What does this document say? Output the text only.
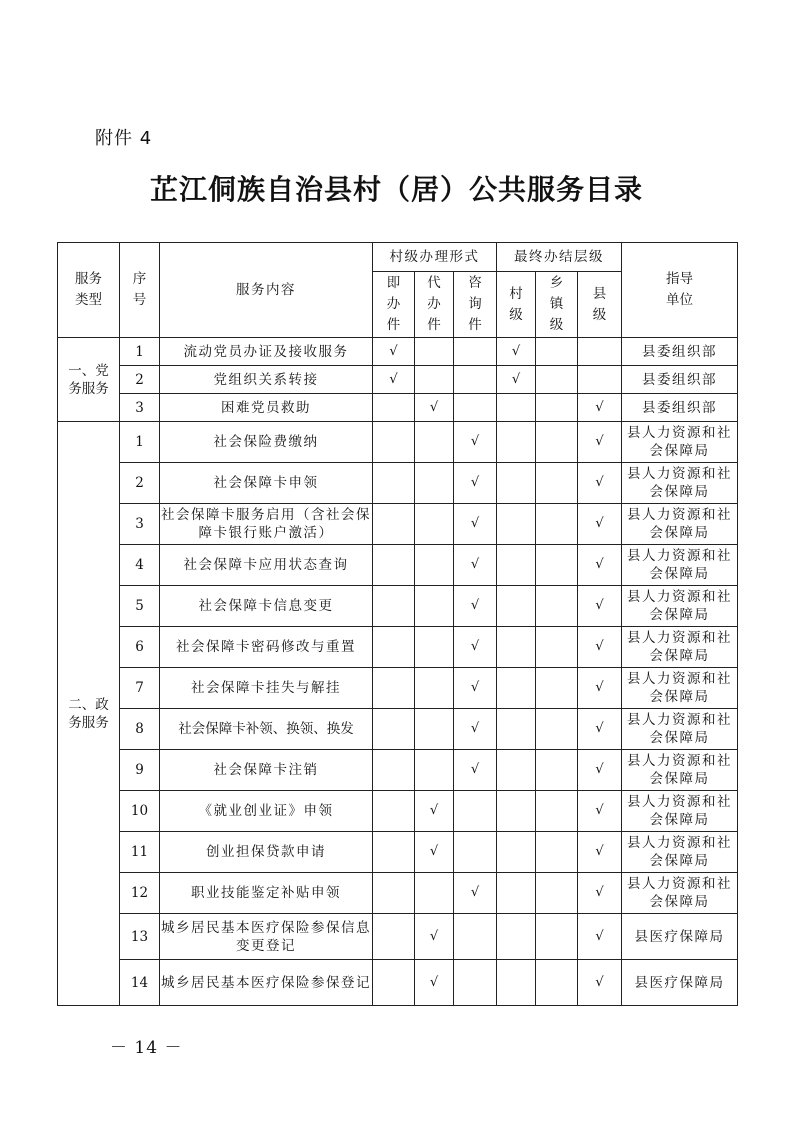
附件 4
芷江侗族自治县村（居）公共服务目录
服务类型	序号	服务内容	村级办理形式			最终办结层级			指导单位

			即办件	代办件	咨询件	村级	乡镇级	县级	

一、党务服务	1	流动党员办证及接收服务	√			√			县委组织部
	2	党组织关系转接	√			√			县委组织部
	3	困难党员救助		√				√	县委组织部

二、政务服务	1	社会保险费缴纳			√			√	县人力资源和社会保障局
	2	社会保障卡申领			√			√	县人力资源和社会保障局
	3	社会保障卡服务启用（含社会保障卡银行账户激活）			√			√	县人力资源和社会保障局
	4	社会保障卡应用状态查询			√			√	县人力资源和社会保障局
	5	社会保障卡信息变更			√			√	县人力资源和社会保障局
	6	社会保障卡密码修改与重置			√			√	县人力资源和社会保障局
	7	社会保障卡挂失与解挂			√			√	县人力资源和社会保障局
	8	社会保障卡补领、换领、换发			√			√	县人力资源和社会保障局
	9	社会保障卡注销			√			√	县人力资源和社会保障局
	10	《就业创业证》申领		√				√	县人力资源和社会保障局
	11	创业担保贷款申请		√				√	县人力资源和社会保障局
	12	职业技能鉴定补贴申领			√			√	县人力资源和社会保障局
	13	城乡居民基本医疗保险参保信息变更登记		√				√	县医疗保障局
	14	城乡居民基本医疗保险参保登记		√				√	县医疗保障局
－ 14 －
